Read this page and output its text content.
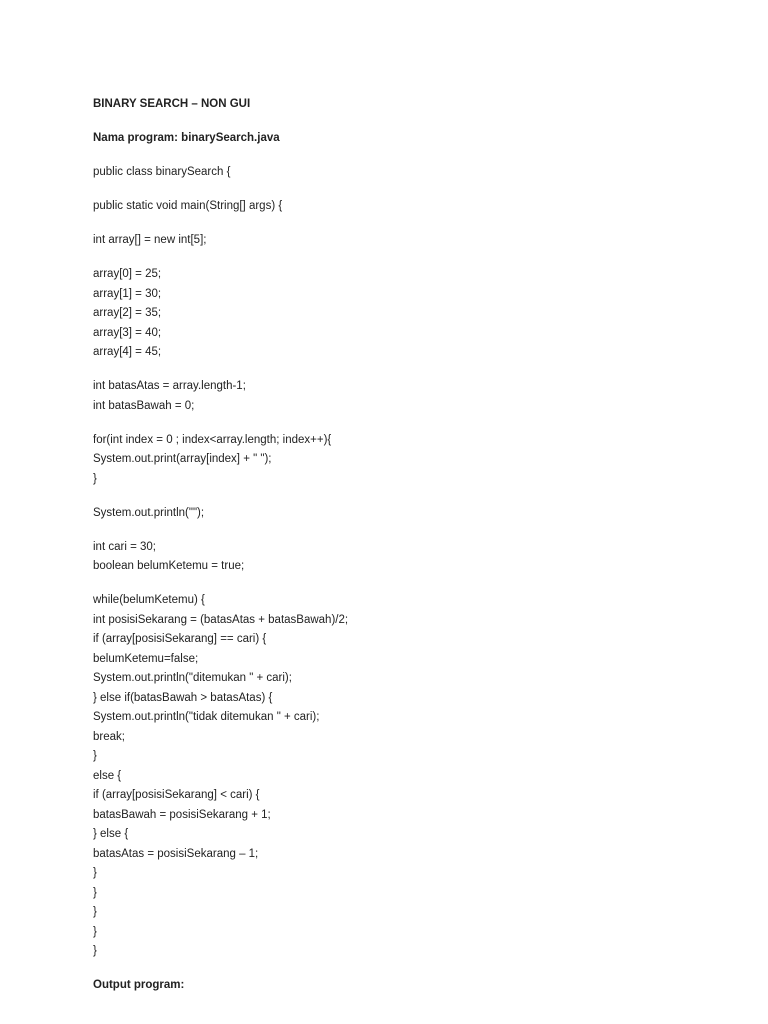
BINARY SEARCH – NON GUI
Nama program: binarySearch.java
public class binarySearch {
public static void main(String[] args) {
int array[] = new int[5];
array[0] = 25;
array[1] = 30;
array[2] = 35;
array[3] = 40;
array[4] = 45;
int batasAtas = array.length-1;
int batasBawah = 0;
for(int index = 0 ; index<array.length; index++){
System.out.print(array[index] + " ");
}
System.out.println("");
int cari = 30;
boolean belumKetemu = true;
while(belumKetemu) {
int posisiSekarang = (batasAtas + batasBawah)/2;
if (array[posisiSekarang] == cari) {
belumKetemu=false;
System.out.println("ditemukan " + cari);
} else if(batasBawah > batasAtas) {
System.out.println("tidak ditemukan " + cari);
break;
}
else {
if (array[posisiSekarang] < cari) {
batasBawah = posisiSekarang + 1;
} else {
batasAtas = posisiSekarang – 1;
}
}
}
}
}
Output program:
